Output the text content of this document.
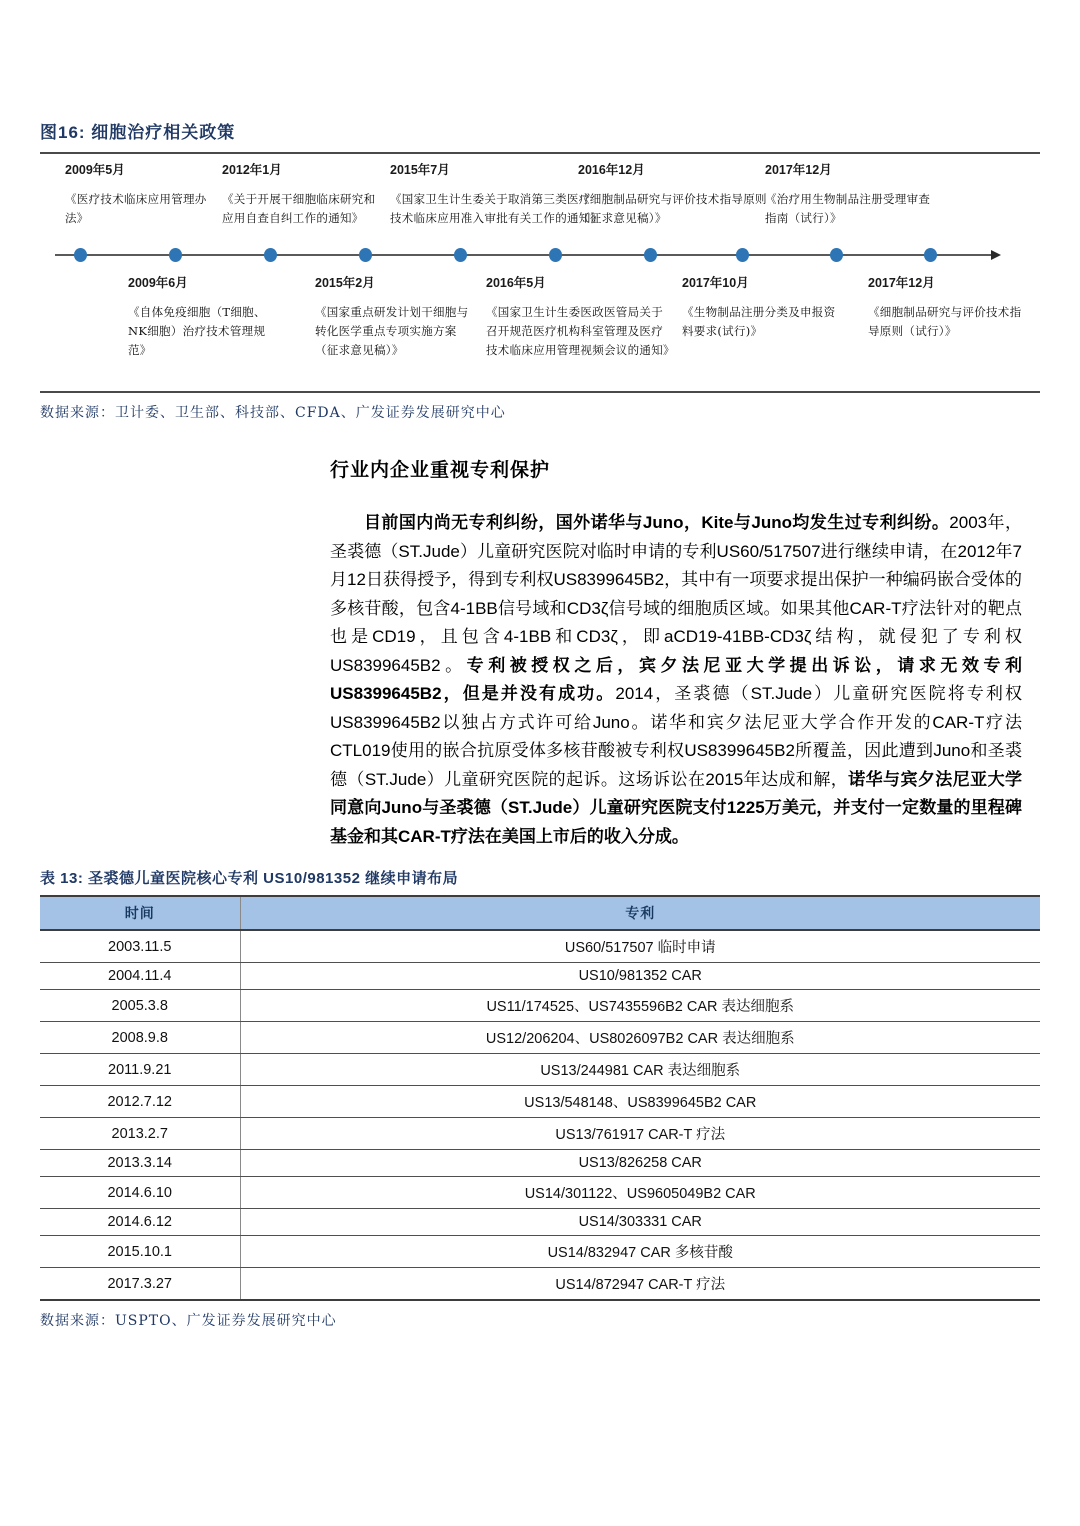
图16: 细胞治疗相关政策
2009年5月
《医疗技术临床应用管理办法》
2012年1月
《关于开展干细胞临床研究和应用自查自纠工作的通知》
2015年7月
《国家卫生计生委关于取消第三类医疗技术临床应用准入审批有关工作的通知》
2016年12月
《细胞制品研究与评价技术指导原则（征求意见稿）》
2017年12月
《治疗用生物制品注册受理审查指南（试行）》
2009年6月
《自体免疫细胞（T细胞、NK细胞）治疗技术管理规范》
2015年2月
《国家重点研发计划干细胞与转化医学重点专项实施方案（征求意见稿）》
2016年5月
《国家卫生计生委医政医管局关于召开规范医疗机构科室管理及医疗技术临床应用管理视频会议的通知》
2017年10月
《生物制品注册分类及申报资料要求(试行)》
2017年12月
《细胞制品研究与评价技术指导原则（试行）》
数据来源：卫计委、卫生部、科技部、CFDA、广发证券发展研究中心
行业内企业重视专利保护

目前国内尚无专利纠纷，国外诺华与Juno，Kite与Juno均发生过专利纠纷。2003年，圣裘德（ST.Jude）儿童研究医院对临时申请的专利US60/517507进行继续申请，在2012年7月12日获得授予，得到专利权US8399645B2，其中有一项要求提出保护一种编码嵌合受体的多核苷酸，包含4-1BB信号域和CD3ζ信号域的细胞质区域。如果其他CAR-T疗法针对的靶点也是CD19，且包含4-1BB和CD3ζ，即aCD19-41BB-CD3ζ结构，就侵犯了专利权US8399645B2。专利被授权之后，宾夕法尼亚大学提出诉讼，请求无效专利US8399645B2，但是并没有成功。2014，圣裘德（ST.Jude）儿童研究医院将专利权US8399645B2以独占方式许可给Juno。诺华和宾夕法尼亚大学合作开发的CAR-T疗法CTL019使用的嵌合抗原受体多核苷酸被专利权US8399645B2所覆盖，因此遭到Juno和圣裘德（ST.Jude）儿童研究医院的起诉。这场诉讼在2015年达成和解，诺华与宾夕法尼亚大学同意向Juno与圣裘德（ST.Jude）儿童研究医院支付1225万美元，并支付一定数量的里程碑基金和其CAR-T疗法在美国上市后的收入分成。

表 13: 圣裘德儿童医院核心专利 US10/981352 继续申请布局
时间	专利
2003.11.5	US60/517507 临时申请
2004.11.4	US10/981352 CAR
2005.3.8	US11/174525、US7435596B2 CAR 表达细胞系
2008.9.8	US12/206204、US8026097B2 CAR 表达细胞系
2011.9.21	US13/244981 CAR 表达细胞系
2012.7.12	US13/548148、US8399645B2 CAR
2013.2.7	US13/761917 CAR-T 疗法
2013.3.14	US13/826258 CAR
2014.6.10	US14/301122、US9605049B2 CAR
2014.6.12	US14/303331 CAR
2015.10.1	US14/832947 CAR 多核苷酸
2017.3.27	US14/872947 CAR-T 疗法
数据来源：USPTO、广发证券发展研究中心
